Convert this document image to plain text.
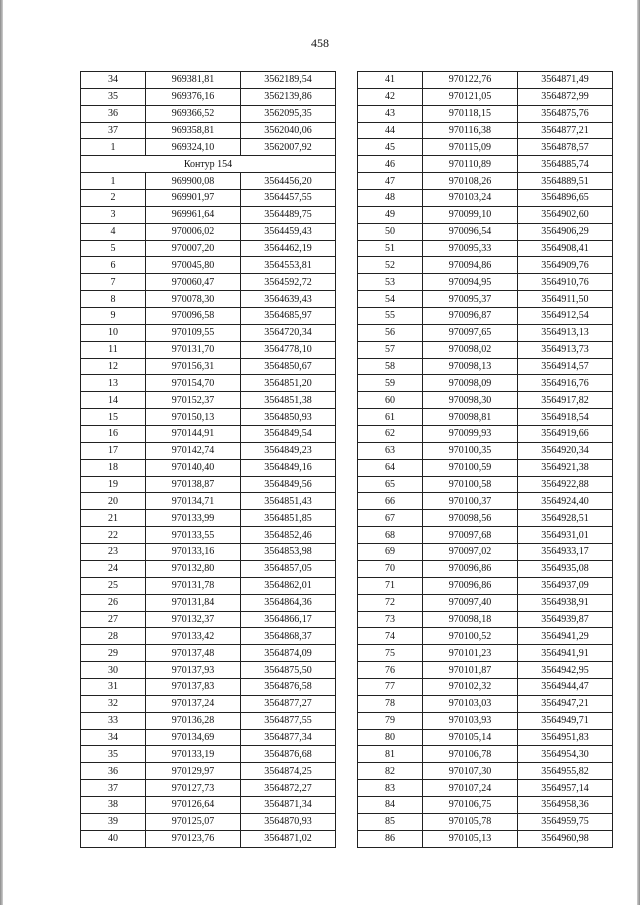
458
34	969381,81	3562189,54
35	969376,16	3562139,86
36	969366,52	3562095,35
37	969358,81	3562040,06
1	969324,10	3562007,92
Контур 154		
1	969900,08	3564456,20
2	969901,97	3564457,55
3	969961,64	3564489,75
4	970006,02	3564459,43
5	970007,20	3564462,19
6	970045,80	3564553,81
7	970060,47	3564592,72
8	970078,30	3564639,43
9	970096,58	3564685,97
10	970109,55	3564720,34
11	970131,70	3564778,10
12	970156,31	3564850,67
13	970154,70	3564851,20
14	970152,37	3564851,38
15	970150,13	3564850,93
16	970144,91	3564849,54
17	970142,74	3564849,23
18	970140,40	3564849,16
19	970138,87	3564849,56
20	970134,71	3564851,43
21	970133,99	3564851,85
22	970133,55	3564852,46
23	970133,16	3564853,98
24	970132,80	3564857,05
25	970131,78	3564862,01
26	970131,84	3564864,36
27	970132,37	3564866,17
28	970133,42	3564868,37
29	970137,48	3564874,09
30	970137,93	3564875,50
31	970137,83	3564876,58
32	970137,24	3564877,27
33	970136,28	3564877,55
34	970134,69	3564877,34
35	970133,19	3564876,68
36	970129,97	3564874,25
37	970127,73	3564872,27
38	970126,64	3564871,34
39	970125,07	3564870,93
40	970123,76	3564871,02
41	970122,76	3564871,49
42	970121,05	3564872,99
43	970118,15	3564875,76
44	970116,38	3564877,21
45	970115,09	3564878,57
46	970110,89	3564885,74
47	970108,26	3564889,51
48	970103,24	3564896,65
49	970099,10	3564902,60
50	970096,54	3564906,29
51	970095,33	3564908,41
52	970094,86	3564909,76
53	970094,95	3564910,76
54	970095,37	3564911,50
55	970096,87	3564912,54
56	970097,65	3564913,13
57	970098,02	3564913,73
58	970098,13	3564914,57
59	970098,09	3564916,76
60	970098,30	3564917,82
61	970098,81	3564918,54
62	970099,93	3564919,66
63	970100,35	3564920,34
64	970100,59	3564921,38
65	970100,58	3564922,88
66	970100,37	3564924,40
67	970098,56	3564928,51
68	970097,68	3564931,01
69	970097,02	3564933,17
70	970096,86	3564935,08
71	970096,86	3564937,09
72	970097,40	3564938,91
73	970098,18	3564939,87
74	970100,52	3564941,29
75	970101,23	3564941,91
76	970101,87	3564942,95
77	970102,32	3564944,47
78	970103,03	3564947,21
79	970103,93	3564949,71
80	970105,14	3564951,83
81	970106,78	3564954,30
82	970107,30	3564955,82
83	970107,24	3564957,14
84	970106,75	3564958,36
85	970105,78	3564959,75
86	970105,13	3564960,98
